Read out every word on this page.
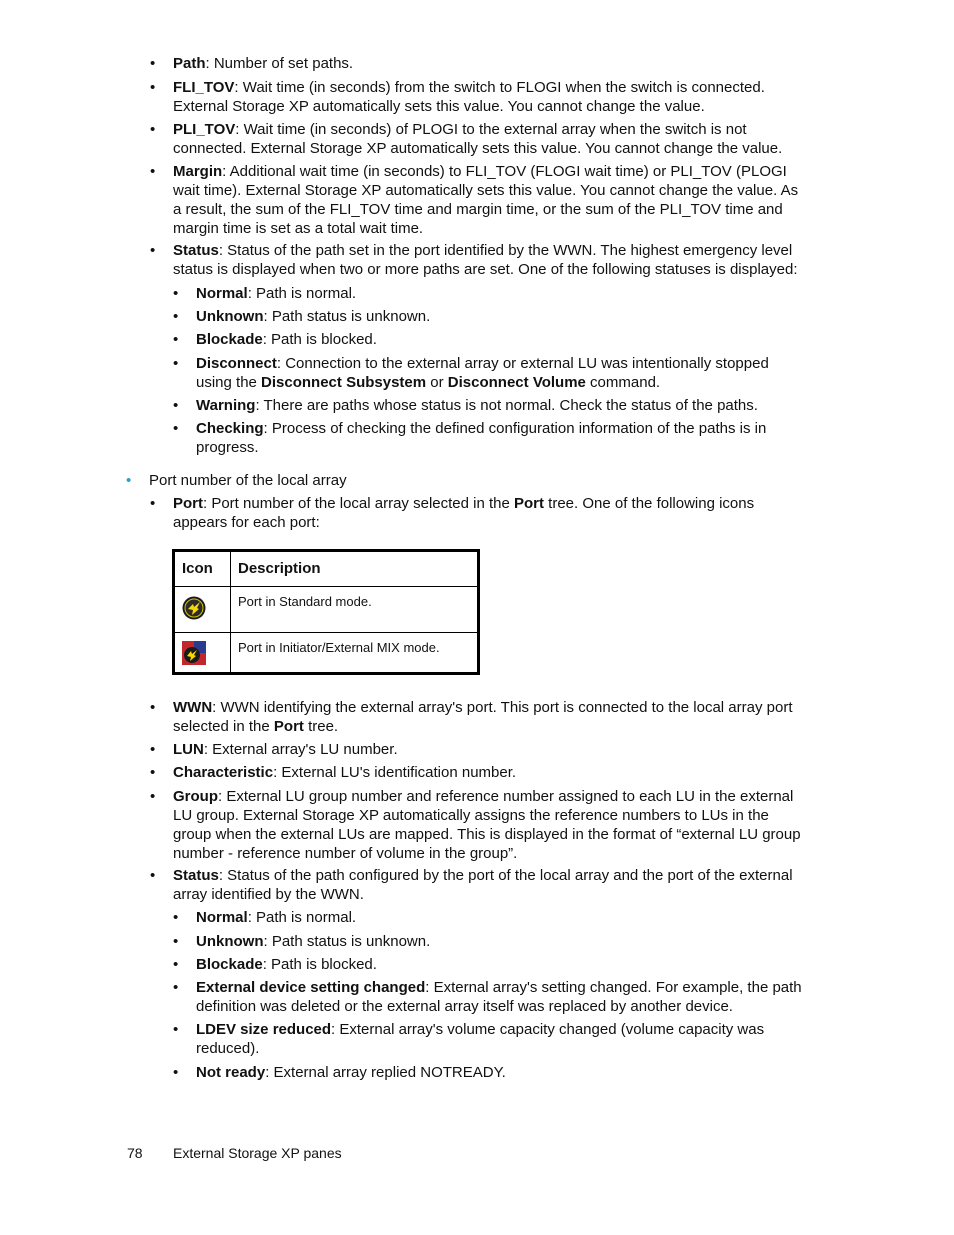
• Path: Number of set paths.
• FLI_TOV: Wait time (in seconds) from the switch to FLOGI when the switch is connected. External Storage XP automatically sets this value. You cannot change the value.
• PLI_TOV: Wait time (in seconds) of PLOGI to the external array when the switch is not connected. External Storage XP automatically sets this value. You cannot change the value.
• Margin: Additional wait time (in seconds) to FLI_TOV (FLOGI wait time) or PLI_TOV (PLOGI wait time). External Storage XP automatically sets this value. You cannot change the value. As a result, the sum of the FLI_TOV time and margin time, or the sum of the PLI_TOV time and margin time is set as a total wait time.
• Status: Status of the path set in the port identified by the WWN. The highest emergency level status is displayed when two or more paths are set. One of the following statuses is displayed:
• Normal: Path is normal.
• Unknown: Path status is unknown.
• Blockade: Path is blocked.
• Disconnect: Connection to the external array or external LU was intentionally stopped using the Disconnect Subsystem or Disconnect Volume command.
• Warning: There are paths whose status is not normal. Check the status of the paths.
• Checking: Process of checking the defined configuration information of the paths is in progress.
• Port number of the local array
• Port: Port number of the local array selected in the Port tree. One of the following icons appears for each port:
• WWN: WWN identifying the external array's port. This port is connected to the local array port selected in the Port tree.
• LUN: External array's LU number.
• Characteristic: External LU's identification number.
• Group: External LU group number and reference number assigned to each LU in the external LU group. External Storage XP automatically assigns the reference numbers to LUs in the group when the external LUs are mapped. This is displayed in the format of “external LU group number - reference number of volume in the group”.
• Status: Status of the path configured by the port of the local array and the port of the external array identified by the WWN.
• Normal: Path is normal.
• Unknown: Path status is unknown.
• Blockade: Path is blocked.
• External device setting changed: External array's setting changed. For example, the path definition was deleted or the external array itself was replaced by another device.
• LDEV size reduced: External array's volume capacity changed (volume capacity was reduced).
• Not ready: External array replied NOTREADY.
Icon Description
Port in Standard mode.
Port in Initiator/External MIX mode.
78 External Storage XP panes
